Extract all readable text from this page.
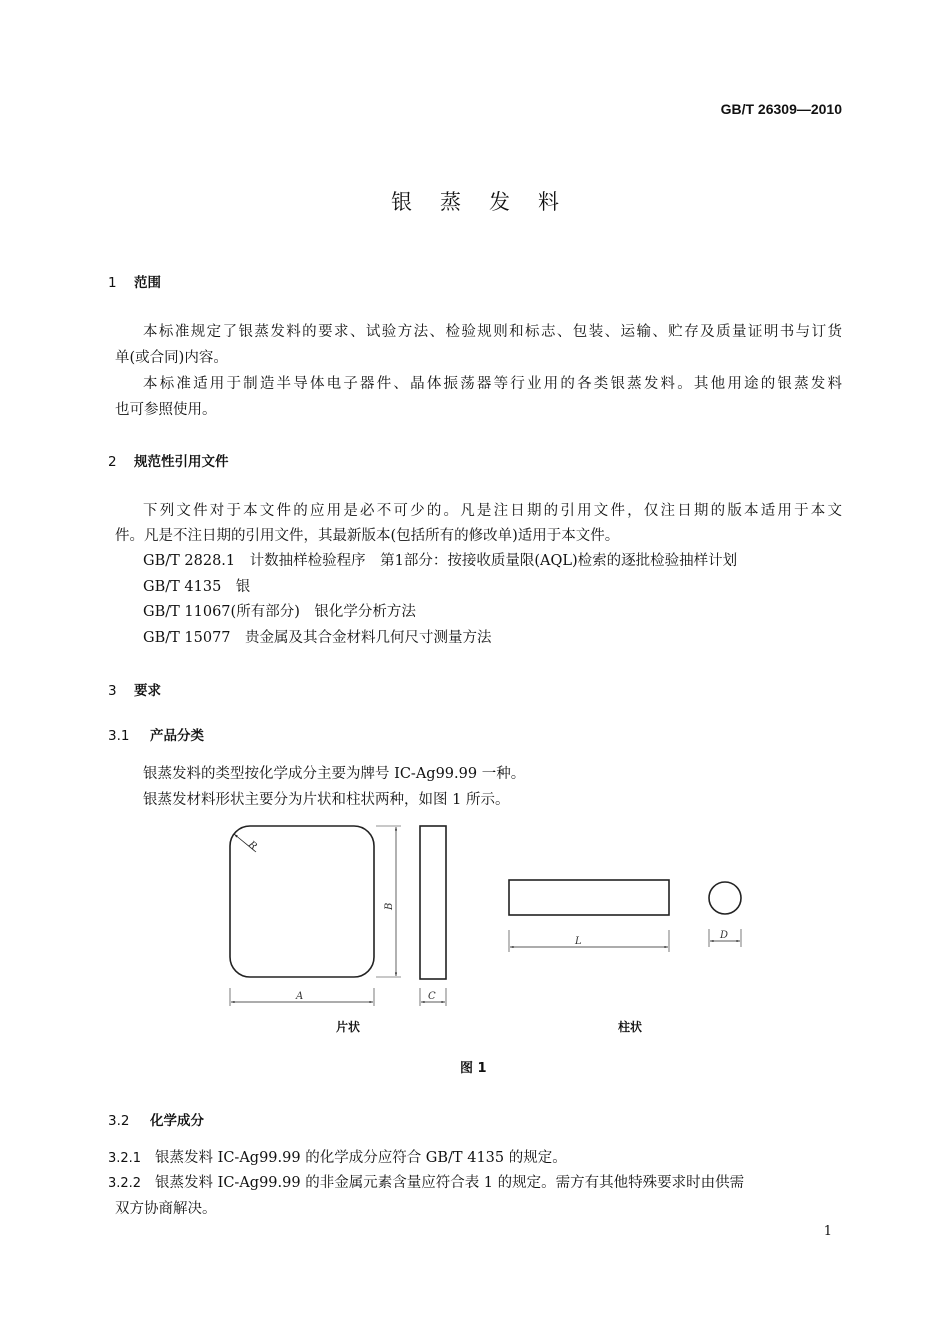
GB/T 26309—2010
银蒸发料
1 范围
本标准规定了银蒸发料的要求、试验方法、检验规则和标志、包装、运输、贮存及质量证明书与订货
单(或合同)内容。
本标准适用于制造半导体电子器件、晶体振荡器等行业用的各类银蒸发料。其他用途的银蒸发料
也可参照使用。
2 规范性引用文件
下列文件对于本文件的应用是必不可少的。凡是注日期的引用文件，仅注日期的版本适用于本文
件。凡是不注日期的引用文件，其最新版本(包括所有的修改单)适用于本文件。
GB/T 2828.1　计数抽样检验程序　第1部分：按接收质量限(AQL)检索的逐批检验抽样计划
GB/T 4135　银
GB/T 11067(所有部分)　银化学分析方法
GB/T 15077　贵金属及其合金材料几何尺寸测量方法
3 要求
3.1 产品分类
银蒸发料的类型按化学成分主要为牌号 IC-Ag99.99 一种。
银蒸发材料形状主要分为片状和柱状两种，如图 1 所示。
R
B
A	C
L
D
片状	柱状
图 1
3.2 化学成分
3.2.1 银蒸发料 IC-Ag99.99 的化学成分应符合 GB/T 4135 的规定。
3.2.2 银蒸发料 IC-Ag99.99 的非金属元素含量应符合表 1 的规定。需方有其他特殊要求时由供需
双方协商解决。
1
